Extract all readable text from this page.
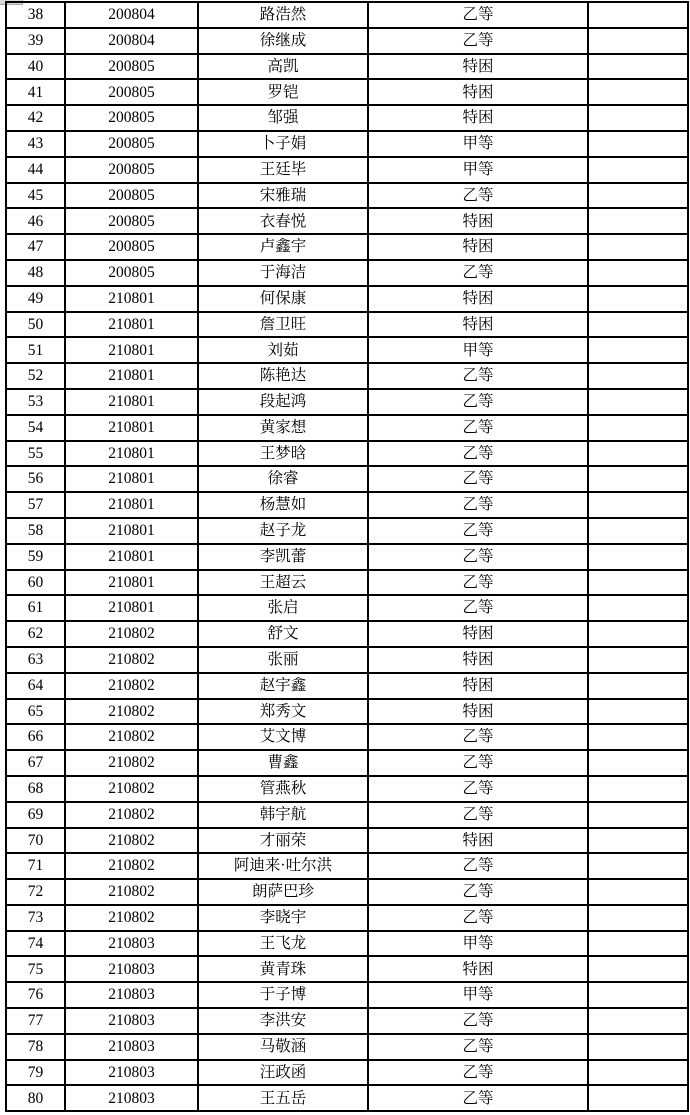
38	200804	路浩然	乙等	
39	200804	徐继成	乙等	
40	200805	高凯	特困	
41	200805	罗铠	特困	
42	200805	邹强	特困	
43	200805	卜子娟	甲等	
44	200805	王廷毕	甲等	
45	200805	宋雅瑞	乙等	
46	200805	衣春悦	特困	
47	200805	卢鑫宇	特困	
48	200805	于海洁	乙等	
49	210801	何保康	特困	
50	210801	詹卫旺	特困	
51	210801	刘茹	甲等	
52	210801	陈艳达	乙等	
53	210801	段起鸿	乙等	
54	210801	黄家想	乙等	
55	210801	王梦晗	乙等	
56	210801	徐睿	乙等	
57	210801	杨慧如	乙等	
58	210801	赵子龙	乙等	
59	210801	李凯蕾	乙等	
60	210801	王超云	乙等	
61	210801	张启	乙等	
62	210802	舒文	特困	
63	210802	张丽	特困	
64	210802	赵宇鑫	特困	
65	210802	郑秀文	特困	
66	210802	艾文博	乙等	
67	210802	曹鑫	乙等	
68	210802	管燕秋	乙等	
69	210802	韩宇航	乙等	
70	210802	才丽荣	特困	
71	210802	阿迪来·吐尔洪	乙等	
72	210802	朗萨巴珍	乙等	
73	210802	李晓宇	乙等	
74	210803	王飞龙	甲等	
75	210803	黄青珠	特困	
76	210803	于子博	甲等	
77	210803	李洪安	乙等	
78	210803	马敬涵	乙等	
79	210803	汪政函	乙等	
80	210803	王五岳	乙等	
